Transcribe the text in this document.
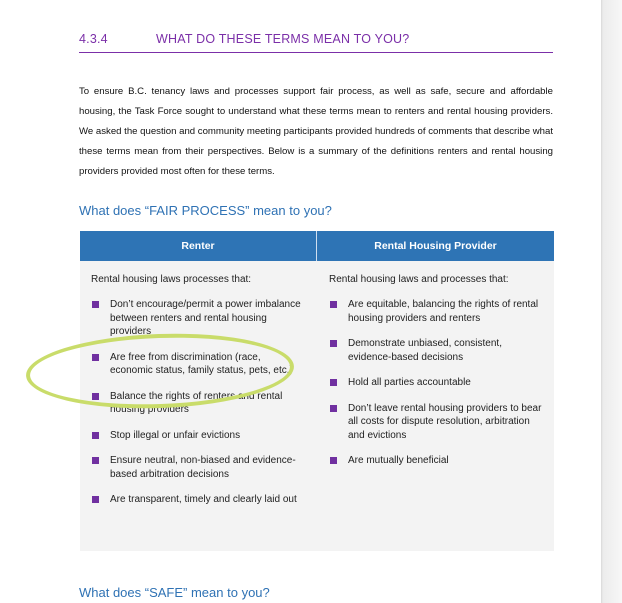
4.3.4	WHAT DO THESE TERMS MEAN TO YOU?

To ensure B.C. tenancy laws and processes support fair process, as well as safe, secure and affordable housing, the Task Force sought to understand what these terms mean to renters and rental housing providers. We asked the question and community meeting participants provided hundreds of comments that describe what these terms mean from their perspectives. Below is a summary of the definitions renters and rental housing providers provided most often for these terms.

What does “FAIR PROCESS” mean to you?
Renter	Rental Housing Provider

Rental housing laws processes that:

Don’t encourage/permit a power imbalance between renters and rental housing providers
Are free from discrimination (race, economic status, family status, pets, etc.)
Balance the rights of renters and rental housing providers
Stop illegal or unfair evictions
Ensure neutral, non-biased and evidence-based arbitration decisions
Are transparent, timely and clearly laid out

Rental housing laws and processes that:

Are equitable, balancing the rights of rental housing providers and renters
Demonstrate unbiased, consistent, evidence-based decisions
Hold all parties accountable
Don’t leave rental housing providers to bear all costs for dispute resolution, arbitration and evictions
Are mutually beneficial
What does “SAFE” mean to you?
